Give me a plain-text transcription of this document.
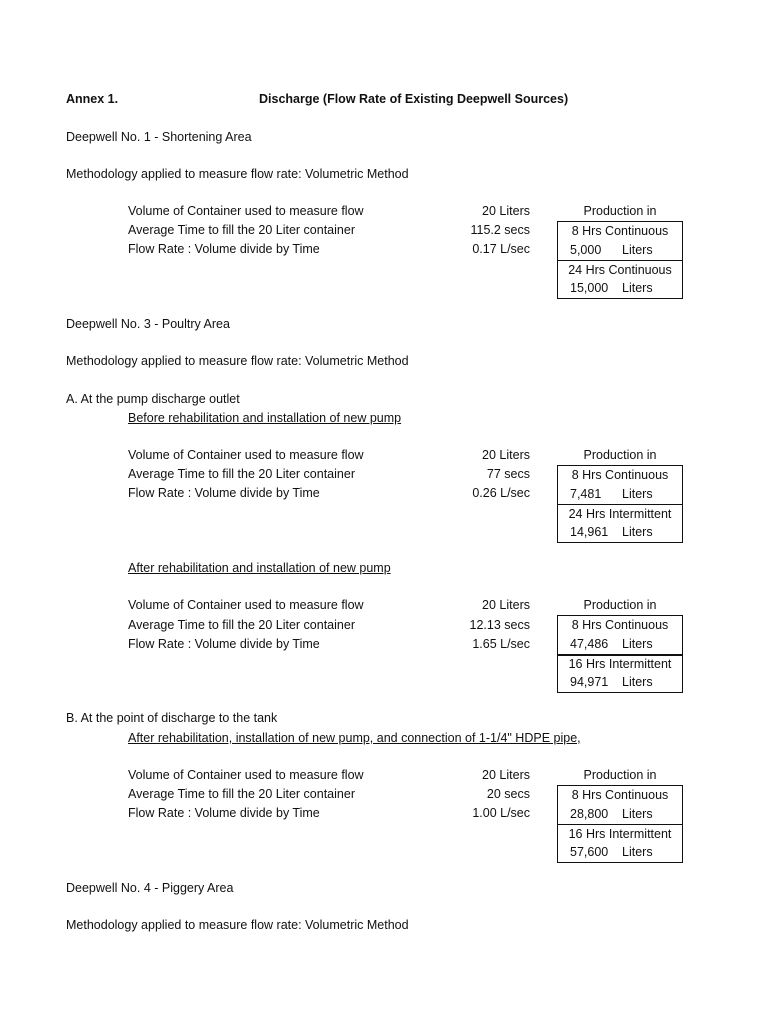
Annex 1.	Discharge (Flow Rate of Existing Deepwell Sources)
Deepwell No. 1 - Shortening Area
Methodology applied to measure flow rate: Volumetric Method
Volume of Container used to measure flow
Average Time to fill the 20 Liter container
Flow Rate : Volume divide by Time
20 Liters
115.2 secs
0.17 L/sec
Production in
8 Hrs Continuous
5,000 Liters
24 Hrs Continuous
15,000 Liters
Deepwell No. 3 - Poultry Area
Methodology applied to measure flow rate: Volumetric Method
A. At the pump discharge outlet
Before rehabilitation and installation of new pump
Volume of Container used to measure flow
Average Time to fill the 20 Liter container
Flow Rate : Volume divide by Time
20 Liters
77 secs
0.26 L/sec
Production in
8 Hrs Continuous
7,481 Liters
24 Hrs Intermittent
14,961 Liters
After rehabilitation and installation of new pump
Volume of Container used to measure flow
Average Time to fill the 20 Liter container
Flow Rate : Volume divide by Time
20 Liters
12.13 secs
1.65 L/sec
Production in
8 Hrs Continuous
47,486 Liters
16 Hrs Intermittent
94,971 Liters
B. At the point of discharge to the tank
After rehabilitation, installation of new pump, and connection of 1-1/4" HDPE pipe,
Volume of Container used to measure flow
Average Time to fill the 20 Liter container
Flow Rate : Volume divide by Time
20 Liters
20 secs
1.00 L/sec
Production in
8 Hrs Continuous
28,800 Liters
16 Hrs Intermittent
57,600 Liters
Deepwell No. 4 - Piggery Area
Methodology applied to measure flow rate: Volumetric Method
